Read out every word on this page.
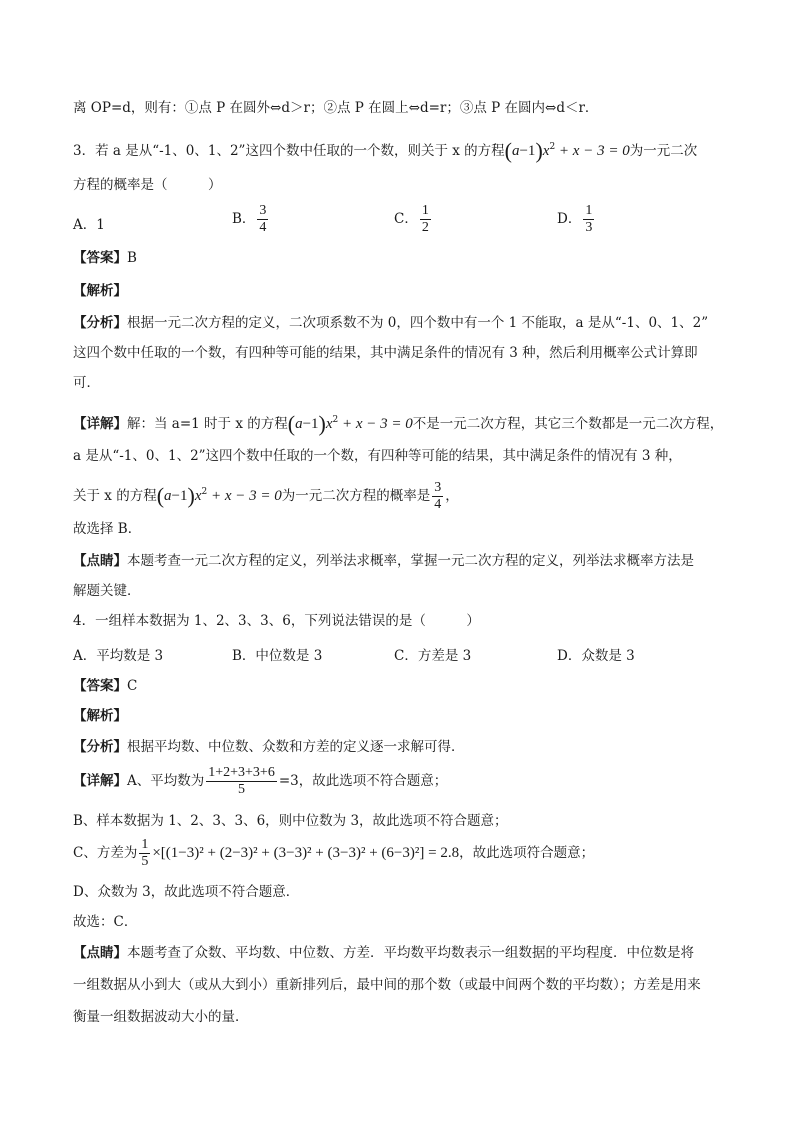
离 OP=d，则有：①点 P 在圆外⇔d＞r；②点 P 在圆上⇔d=r；③点 P 在圆内⇔d＜r．
3．若 a 是从“-1、0、1、2”这四个数中任取的一个数，则关于 x 的方程$(a-1)x^2 + x - 3 = 0$为一元二次
方程的概率是（　　　）
A．1	B． $\frac{3}{4}$	C． $\frac{1}{2}$	D． $\frac{1}{3}$
【答案】B
【解析】
【分析】根据一元二次方程的定义，二次项系数不为 0，四个数中有一个 1 不能取，a 是从“-1、0、1、2”
这四个数中任取的一个数，有四种等可能的结果，其中满足条件的情况有 3 种，然后利用概率公式计算即
可．
【详解】解：当 a=1 时于 x 的方程$(a-1)x^2 + x - 3 = 0$不是一元二次方程，其它三个数都是一元二次方程，
a 是从“-1、0、1、2”这四个数中任取的一个数，有四种等可能的结果，其中满足条件的情况有 3 种，
关于 x 的方程$(a-1)x^2 + x - 3 = 0$为一元二次方程的概率是 $\frac{3}{4}$ ，
故选择 B．
【点睛】本题考查一元二次方程的定义，列举法求概率，掌握一元二次方程的定义，列举法求概率方法是
解题关键．
4．一组样本数据为 1、2、3、3、6，下列说法错误的是（　　　）
A．平均数是 3	B．中位数是 3	C．方差是 3	D．众数是 3
【答案】C
【解析】
【分析】根据平均数、中位数、众数和方差的定义逐一求解可得．
【详解】A、平均数为 $\frac{1+2+3+3+6}{5} =3$，故此选项不符合题意；
B、样本数据为 1、2、3、3、6，则中位数为 3，故此选项不符合题意；
C、方差为 $\frac{1}{5} \times[(1-3)^2 + (2-3)^2 + (3-3)^2 + (3-3)^2 + (6-3)^2] = 2.8$，故此选项符合题意；
D、众数为 3，故此选项不符合题意．
故选：C．
【点睛】本题考查了众数、平均数、中位数、方差．平均数平均数表示一组数据的平均程度．中位数是将
一组数据从小到大（或从大到小）重新排列后，最中间的那个数（或最中间两个数的平均数）；方差是用来
衡量一组数据波动大小的量．
